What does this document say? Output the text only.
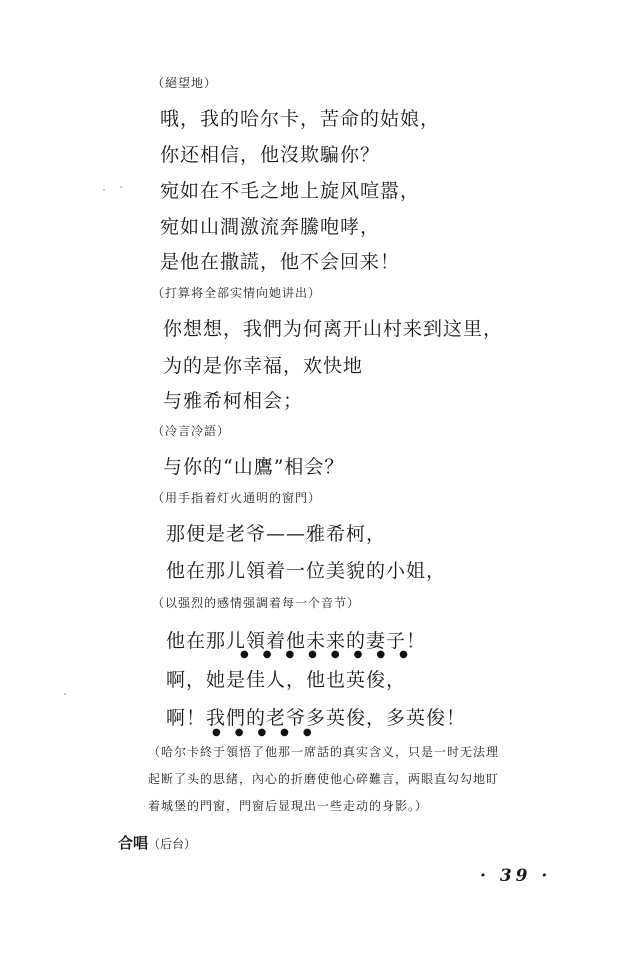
（絕望地）
哦，我的哈尔卡，苦命的姑娘，
你还相信，他沒欺騙你？
宛如在不毛之地上旋风喧嚣，
宛如山澗激流奔騰咆哮，
是他在撒謊，他不会回来！
（打算将全部实情向她讲出）
你想想，我們为何离开山村来到这里，
为的是你幸福，欢快地
与雅希柯相会；
（冷言冷語）
与你的“山鷹”相会？
（用手指着灯火通明的窗門）
那便是老爷——雅希柯，
他在那儿領着一位美貌的小姐，
（以强烈的感情强調着每一个音节）
他在那儿領着他未来的妻子！
●●●●●●●●
啊，她是佳人，他也英俊，
啊！我們的老爷多英俊，多英俊！
●●●●●
（哈尔卡終于領悟了他那一席話的真实含义，只是一时无法理
起断了头的思緒，內心的折磨使他心碎難言，两眼直勾勾地盯
着城堡的門窗，門窗后显現出一些走动的身影。）
合唱（后台）
· 39 ·
